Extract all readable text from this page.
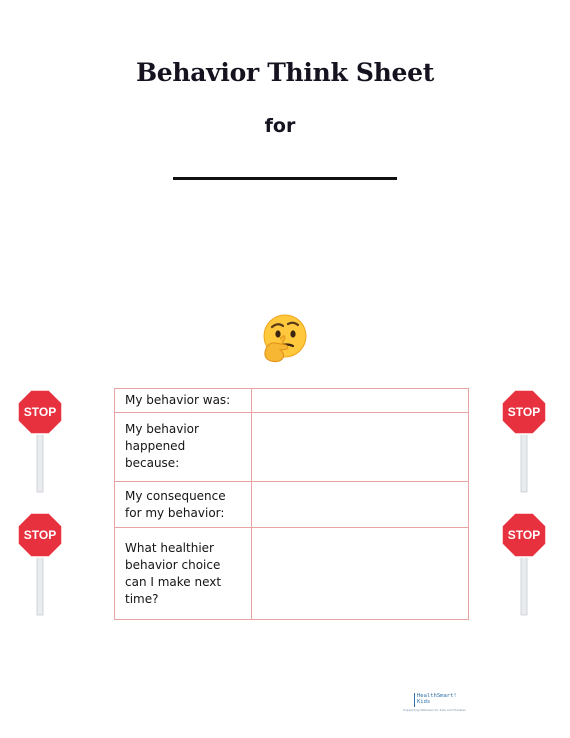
Behavior Think Sheet
for
STOP
STOP
STOP
STOP
My behavior was:	
My behavior happened because:	
My consequence for my behavior:	
What healthier behavior choice can I make next time?	
HealthSmart!
Kids
Supporting Wellness for Kids and Families
